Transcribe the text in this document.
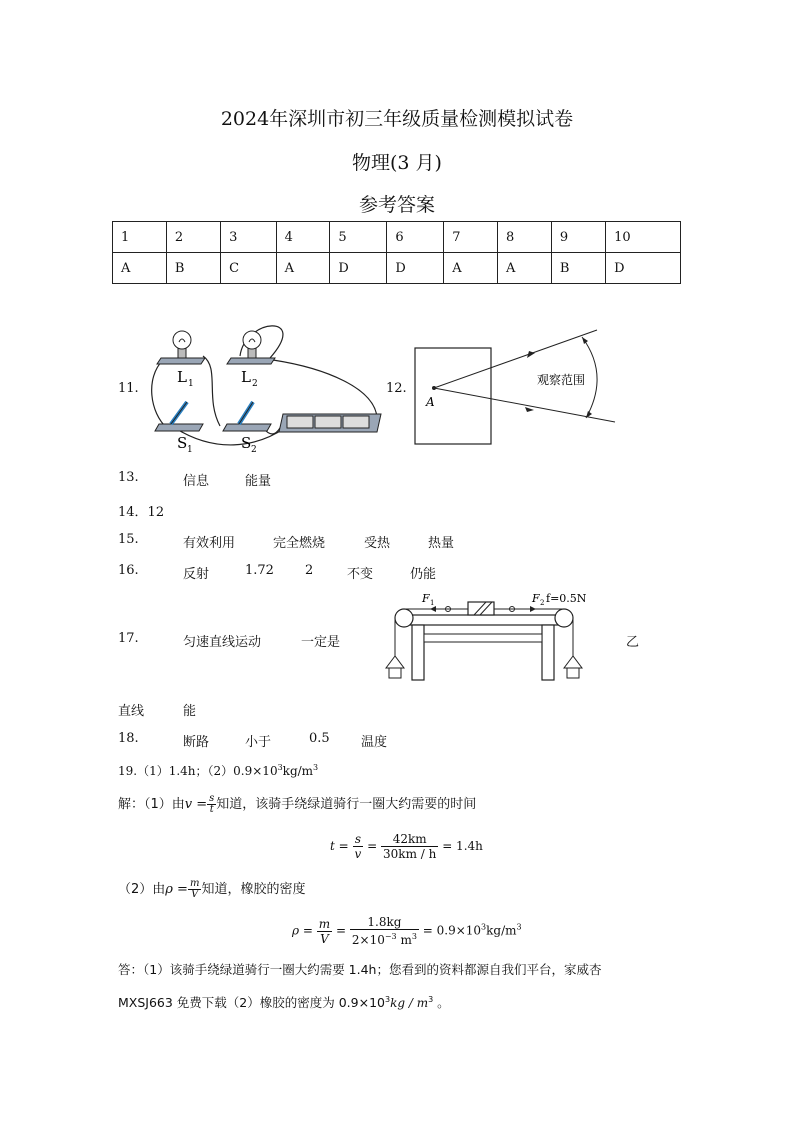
2024年深圳市初三年级质量检测模拟试卷
物理(3 月)
参考答案
1	2	3	4	5	6	7	8	9	10
A	B	C	A	D	D	A	A	B	D
11.
L 1	L 2
S 1	S 2
12.
A
观察范围
13.	信息	能量
14．12
15.	有效利用	完全燃烧	受热	热量
16.	反射	1.72 2	不变	仍能
17.	匀速直线运动	一定是	乙
F 1	F 2 f=0.5N
直线	能
18.	断路	小于	0.5 温度
19.（1）1.4h；$(2)0.9\times 10^3kg/m^3$
解：（1）由$v = \frac{s}{t}$ 知道，该骑手绕绿道骑行一圈大约需要的时间
$t = \frac{s}{v} = \frac{42km}{30km / h} = 1.4h$
（2）由$\rho = \frac{m}{V}$ 知道，橡胶的密度
$\rho = \frac{m}{V} = \frac{1.8kg}{2\times 10^{-3} m^3} = 0.9\times 10^3kg/m^3$
答：（1）该骑手绕绿道骑行一圈大约需要 1.4h；您看到的资料都源自我们平台，家威杏
MXSJ663 免费下载（2）橡胶的密度为 $0.9\times 10^3kg / m^3$ 。
